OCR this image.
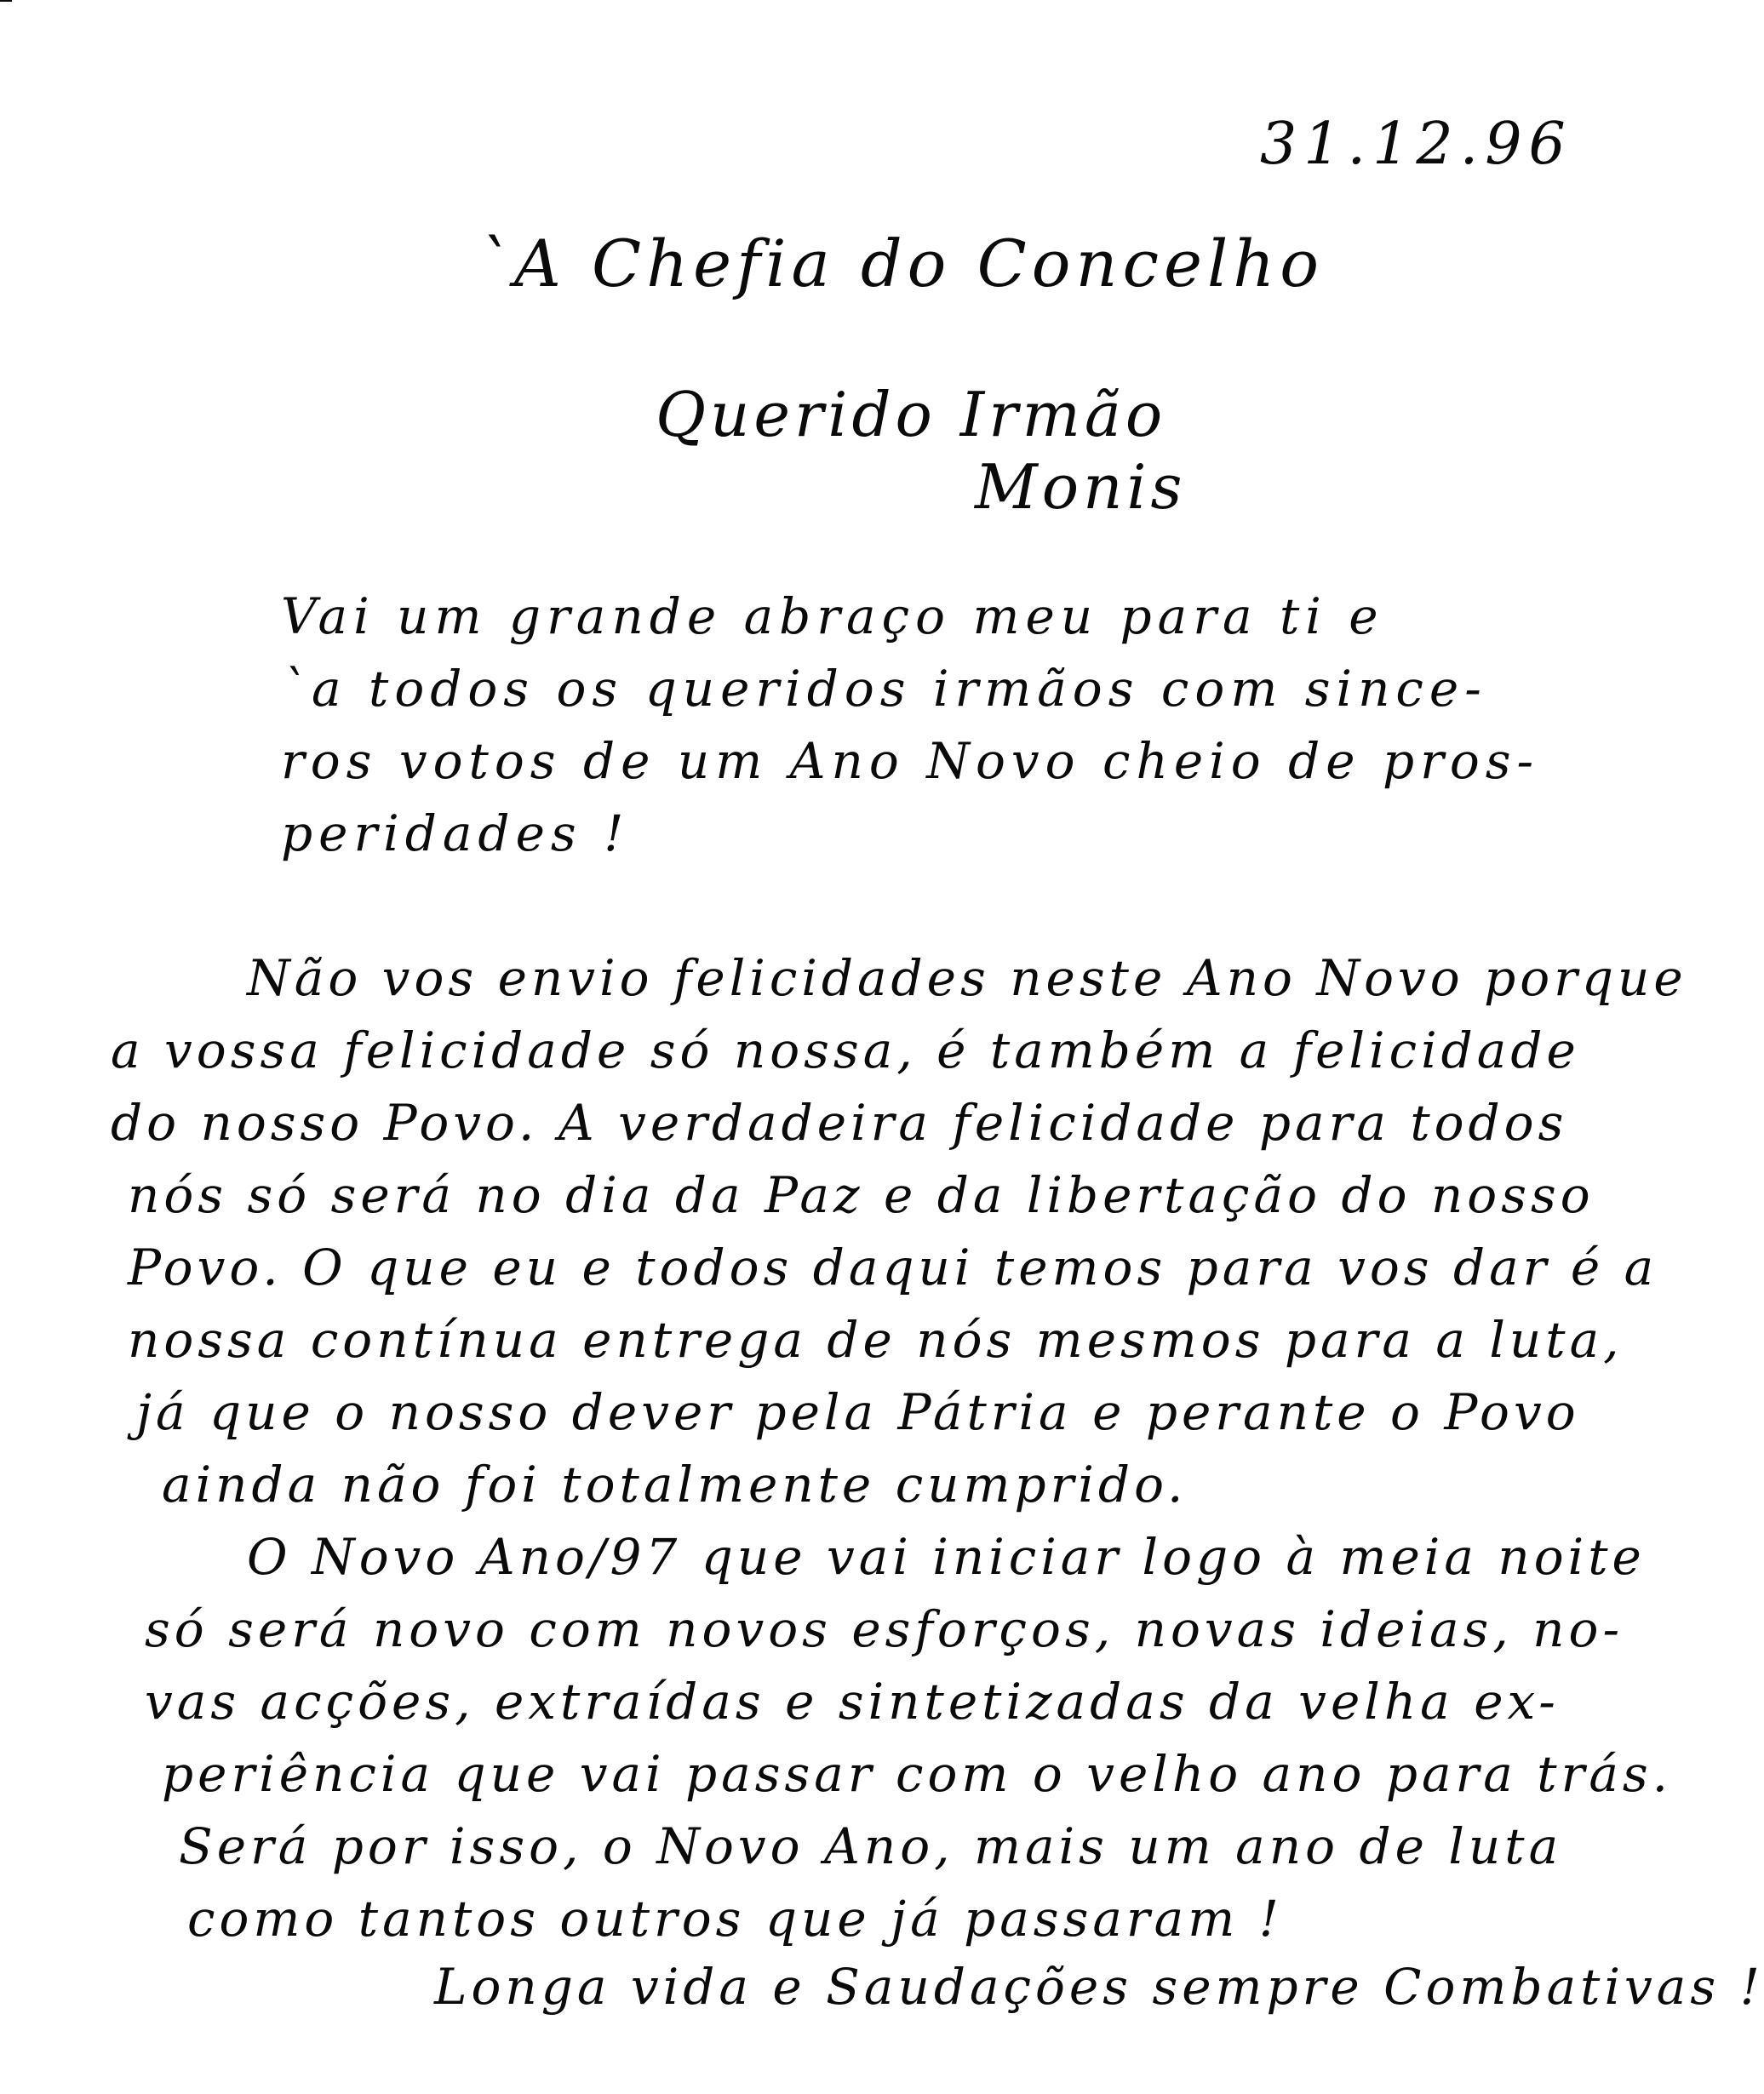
31.12.96
`A Chefia do Concelho
Querido Irmão
Monis
Vai um grande abraço meu para ti e
`a todos os queridos irmãos com since-
ros votos de um Ano Novo cheio de pros-
peridades !
Não vos envio felicidades neste Ano Novo porque
a vossa felicidade só nossa, é também a felicidade
do nosso Povo. A verdadeira felicidade para todos
nós só será no dia da Paz e da libertação do nosso
Povo. O que eu e todos daqui temos para vos dar é a
nossa contínua entrega de nós mesmos para a luta,
já que o nosso dever pela Pátria e perante o Povo
ainda não foi totalmente cumprido.
O Novo Ano/97 que vai iniciar logo à meia noite
só será novo com novos esforços, novas ideias, no-
vas acções, extraídas e sintetizadas da velha ex-
periência que vai passar com o velho ano para trás.
Será por isso, o Novo Ano, mais um ano de luta
como tantos outros que já passaram !
Longa vida e Saudações sempre Combativas !
